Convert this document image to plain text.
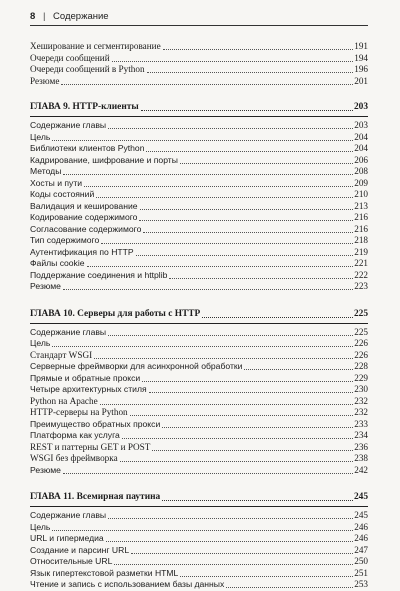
8 | Содержание
Хеширование и сегментирование	191
Очереди сообщений	194
Очереди сообщений в Python	196
Резюме	201
ГЛАВА 9. HTTP-клиенты	203
Содержание главы	203
Цель	204
Библиотеки клиентов Python	204
Кадрирование, шифрование и порты	206
Методы	208
Хосты и пути	209
Коды состояний	210
Валидация и кеширование	213
Кодирование содержимого	216
Согласование содержимого	216
Тип содержимого	218
Аутентификация по HTTP	219
Файлы cookie	221
Поддержание соединения и httplib	222
Резюме	223
ГЛАВА 10. Серверы для работы с HTTP	225
Содержание главы	225
Цель	226
Стандарт WSGI	226
Серверные фреймворки для асинхронной обработки	228
Прямые и обратные прокси	229
Четыре архитектурных стиля	230
Python на Apache	232
HTTP-серверы на Python	232
Преимущество обратных прокси	233
Платформа как услуга	234
REST и паттерны GET и POST	236
WSGI без фреймворка	238
Резюме	242
ГЛАВА 11. Всемирная паутина	245
Содержание главы	245
Цель	246
URL и гипермедиа	246
Создание и парсинг URL	247
Относительные URL	250
Язык гипертекстовой разметки HTML	251
Чтение и запись с использованием базы данных	253
